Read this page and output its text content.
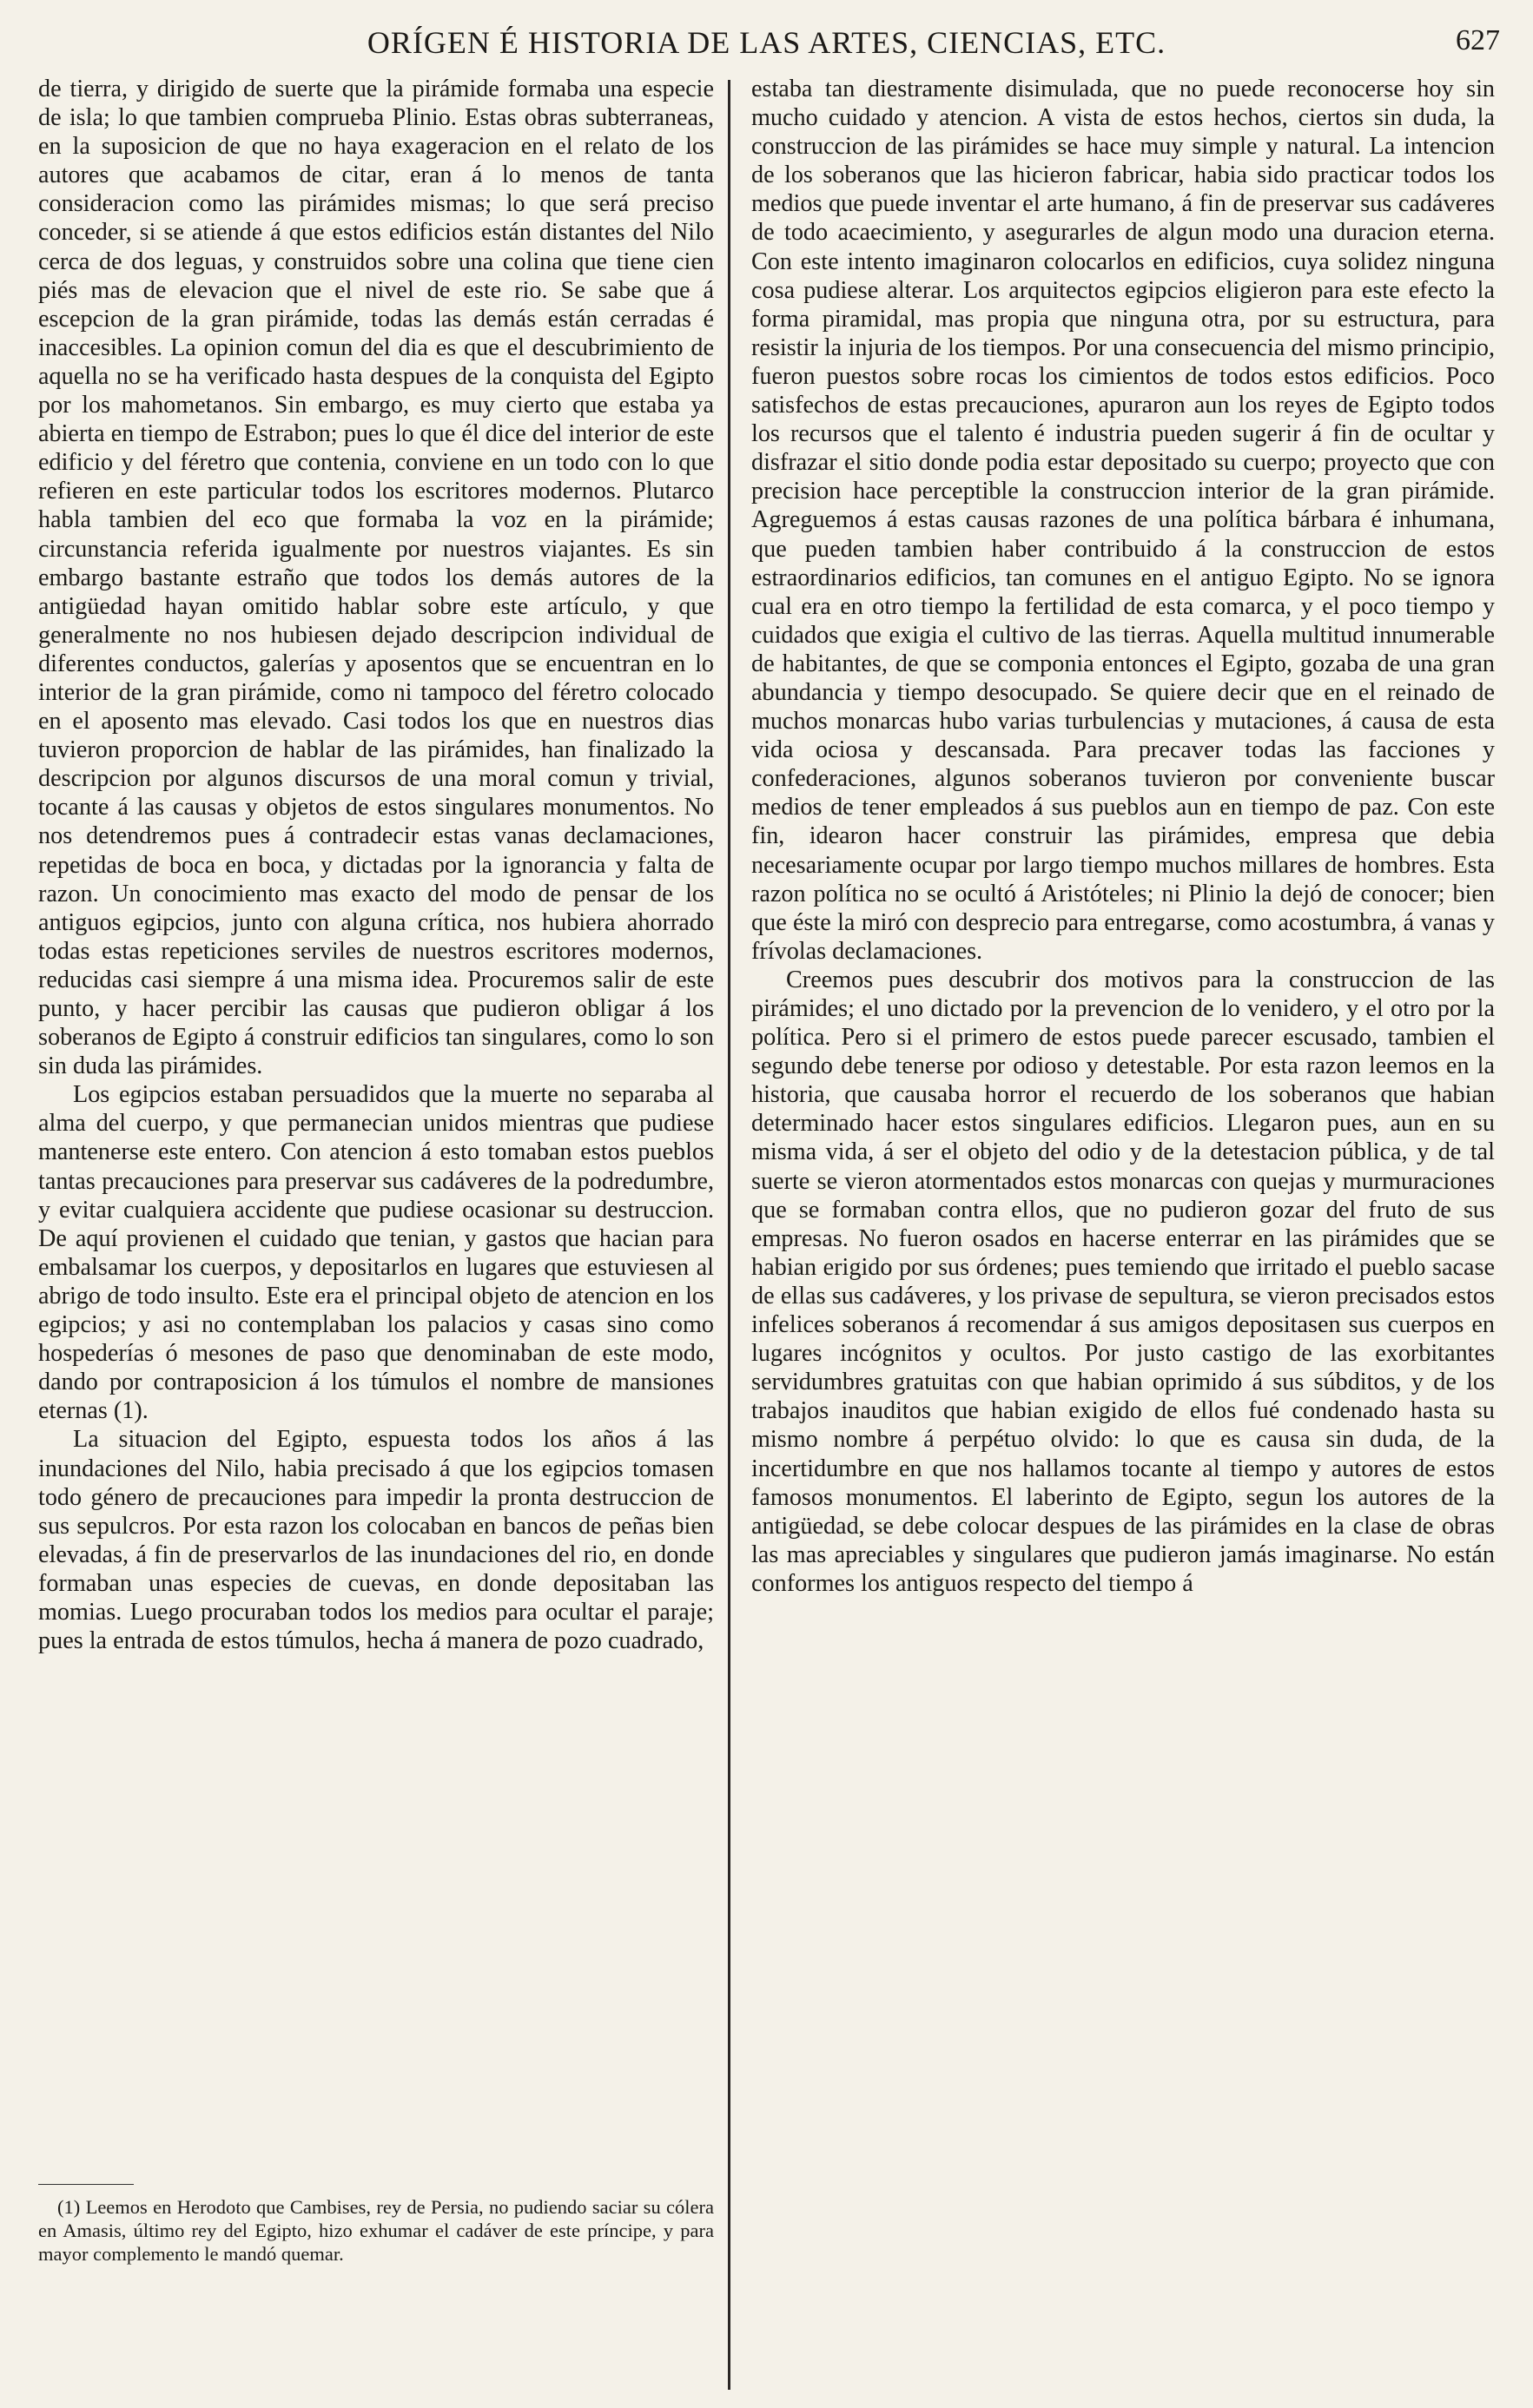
ORÍGEN É HISTORIA DE LAS ARTES, CIENCIAS, ETC.	627

de tierra, y dirigido de suerte que la pirámide formaba una especie de isla; lo que tambien comprueba Plinio. Estas obras subterraneas, en la suposicion de que no haya exageracion en el relato de los autores que acabamos de citar, eran á lo menos de tanta consideracion como las pirámides mismas; lo que será preciso conceder, si se atiende á que estos edificios están distantes del Nilo cerca de dos leguas, y construidos sobre una colina que tiene cien piés mas de elevacion que el nivel de este rio. Se sabe que á escepcion de la gran pirámide, todas las demás están cerradas é inaccesibles. La opinion comun del dia es que el descubrimiento de aquella no se ha verificado hasta despues de la conquista del Egipto por los mahometanos. Sin embargo, es muy cierto que estaba ya abierta en tiempo de Estrabon; pues lo que él dice del interior de este edificio y del féretro que contenia, conviene en un todo con lo que refieren en este particular todos los escritores modernos. Plutarco habla tambien del eco que formaba la voz en la pirámide; circunstancia referida igualmente por nuestros viajantes. Es sin embargo bastante estraño que todos los demás autores de la antigüedad hayan omitido hablar sobre este artículo, y que generalmente no nos hubiesen dejado descripcion individual de diferentes conductos, galerías y aposentos que se encuentran en lo interior de la gran pirámide, como ni tampoco del féretro colocado en el aposento mas elevado. Casi todos los que en nuestros dias tuvieron proporcion de hablar de las pirámides, han finalizado la descripcion por algunos discursos de una moral comun y trivial, tocante á las causas y objetos de estos singulares monumentos. No nos detendremos pues á contradecir estas vanas declamaciones, repetidas de boca en boca, y dictadas por la ignorancia y falta de razon. Un conocimiento mas exacto del modo de pensar de los antiguos egipcios, junto con alguna crítica, nos hubiera ahorrado todas estas repeticiones serviles de nuestros escritores modernos, reducidas casi siempre á una misma idea. Procuremos salir de este punto, y hacer percibir las causas que pudieron obligar á los soberanos de Egipto á construir edificios tan singulares, como lo son sin duda las pirámides.

Los egipcios estaban persuadidos que la muerte no separaba al alma del cuerpo, y que permanecian unidos mientras que pudiese mantenerse este entero. Con atencion á esto tomaban estos pueblos tantas precauciones para preservar sus cadáveres de la podredumbre, y evitar cualquiera accidente que pudiese ocasionar su destruccion. De aquí provienen el cuidado que tenian, y gastos que hacian para embalsamar los cuerpos, y depositarlos en lugares que estuviesen al abrigo de todo insulto. Este era el principal objeto de atencion en los egipcios; y asi no contemplaban los palacios y casas sino como hospederías ó mesones de paso que denominaban de este modo, dando por contraposicion á los túmulos el nombre de mansiones eternas (1).

La situacion del Egipto, espuesta todos los años á las inundaciones del Nilo, habia precisado á que los egipcios tomasen todo género de precauciones para impedir la pronta destruccion de sus sepulcros. Por esta razon los colocaban en bancos de peñas bien elevadas, á fin de preservarlos de las inundaciones del rio, en donde formaban unas especies de cuevas, en donde depositaban las momias. Luego procuraban todos los medios para ocultar el paraje; pues la entrada de estos túmulos, hecha á manera de pozo cuadrado,

(1) Leemos en Herodoto que Cambises, rey de Persia, no pudiendo saciar su cólera en Amasis, último rey del Egipto, hizo exhumar el cadáver de este príncipe, y para mayor complemento le mandó quemar.

estaba tan diestramente disimulada, que no puede reconocerse hoy sin mucho cuidado y atencion. A vista de estos hechos, ciertos sin duda, la construccion de las pirámides se hace muy simple y natural. La intencion de los soberanos que las hicieron fabricar, habia sido practicar todos los medios que puede inventar el arte humano, á fin de preservar sus cadáveres de todo acaecimiento, y asegurarles de algun modo una duracion eterna. Con este intento imaginaron colocarlos en edificios, cuya solidez ninguna cosa pudiese alterar. Los arquitectos egipcios eligieron para este efecto la forma piramidal, mas propia que ninguna otra, por su estructura, para resistir la injuria de los tiempos. Por una consecuencia del mismo principio, fueron puestos sobre rocas los cimientos de todos estos edificios. Poco satisfechos de estas precauciones, apuraron aun los reyes de Egipto todos los recursos que el talento é industria pueden sugerir á fin de ocultar y disfrazar el sitio donde podia estar depositado su cuerpo; proyecto que con precision hace perceptible la construccion interior de la gran pirámide. Agreguemos á estas causas razones de una política bárbara é inhumana, que pueden tambien haber contribuido á la construccion de estos estraordinarios edificios, tan comunes en el antiguo Egipto. No se ignora cual era en otro tiempo la fertilidad de esta comarca, y el poco tiempo y cuidados que exigia el cultivo de las tierras. Aquella multitud innumerable de habitantes, de que se componia entonces el Egipto, gozaba de una gran abundancia y tiempo desocupado. Se quiere decir que en el reinado de muchos monarcas hubo varias turbulencias y mutaciones, á causa de esta vida ociosa y descansada. Para precaver todas las facciones y confederaciones, algunos soberanos tuvieron por conveniente buscar medios de tener empleados á sus pueblos aun en tiempo de paz. Con este fin, idearon hacer construir las pirámides, empresa que debia necesariamente ocupar por largo tiempo muchos millares de hombres. Esta razon política no se ocultó á Aristóteles; ni Plinio la dejó de conocer; bien que éste la miró con desprecio para entregarse, como acostumbra, á vanas y frívolas declamaciones.

Creemos pues descubrir dos motivos para la construccion de las pirámides; el uno dictado por la prevencion de lo venidero, y el otro por la política. Pero si el primero de estos puede parecer escusado, tambien el segundo debe tenerse por odioso y detestable. Por esta razon leemos en la historia, que causaba horror el recuerdo de los soberanos que habian determinado hacer estos singulares edificios. Llegaron pues, aun en su misma vida, á ser el objeto del odio y de la detestacion pública, y de tal suerte se vieron atormentados estos monarcas con quejas y murmuraciones que se formaban contra ellos, que no pudieron gozar del fruto de sus empresas. No fueron osados en hacerse enterrar en las pirámides que se habian erigido por sus órdenes; pues temiendo que irritado el pueblo sacase de ellas sus cadáveres, y los privase de sepultura, se vieron precisados estos infelices soberanos á recomendar á sus amigos depositasen sus cuerpos en lugares incógnitos y ocultos. Por justo castigo de las exorbitantes servidumbres gratuitas con que habian oprimido á sus súbditos, y de los trabajos inauditos que habian exigido de ellos fué condenado hasta su mismo nombre á perpétuo olvido: lo que es causa sin duda, de la incertidumbre en que nos hallamos tocante al tiempo y autores de estos famosos monumentos. El laberinto de Egipto, segun los autores de la antigüedad, se debe colocar despues de las pirámides en la clase de obras las mas apreciables y singulares que pudieron jamás imaginarse. No están conformes los antiguos respecto del tiempo á
